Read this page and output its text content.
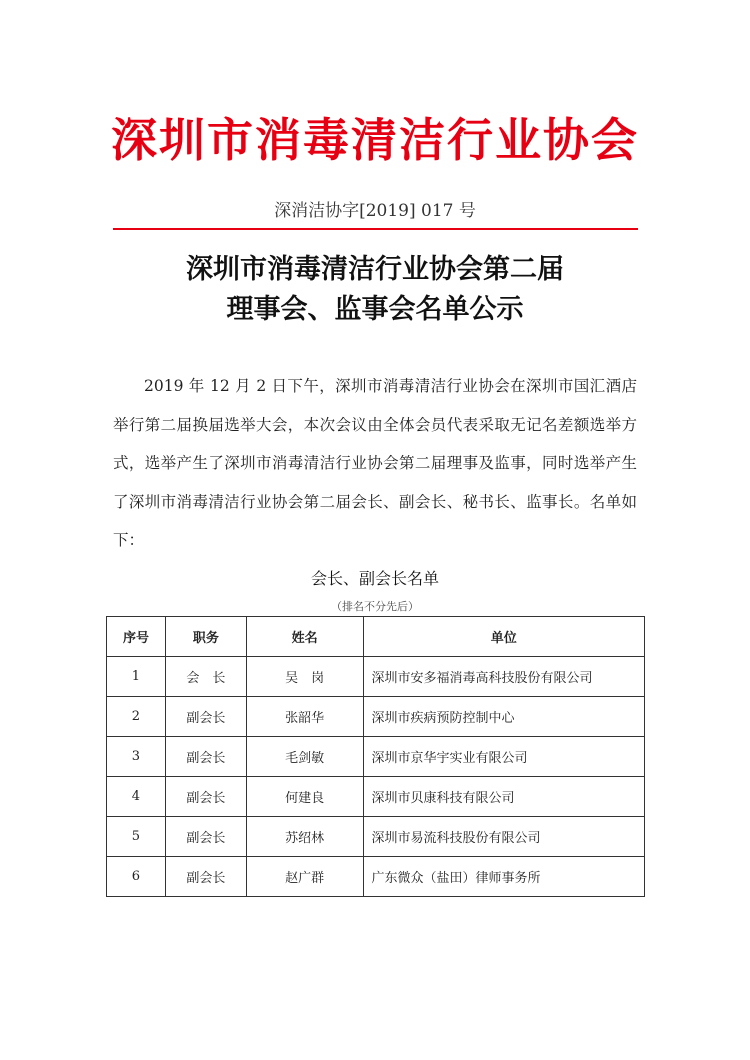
深圳市消毒清洁行业协会
深消洁协字[2019] 017 号
深圳市消毒清洁行业协会第二届
理事会、监事会名单公示
2019 年 12 月 2 日下午，深圳市消毒清洁行业协会在深圳市国汇酒店举行第二届换届选举大会，本次会议由全体会员代表采取无记名差额选举方式，选举产生了深圳市消毒清洁行业协会第二届理事及监事，同时选举产生了深圳市消毒清洁行业协会第二届会长、副会长、秘书长、监事长。名单如下：
会长、副会长名单
（排名不分先后）
序号	职务	姓名	单位
1	会　长	吴　岗	深圳市安多福消毒高科技股份有限公司
2	副会长	张韶华	深圳市疾病预防控制中心
3	副会长	毛剑敏	深圳市京华宇实业有限公司
4	副会长	何建良	深圳市贝康科技有限公司
5	副会长	苏绍林	深圳市易流科技股份有限公司
6	副会长	赵广群	广东微众（盐田）律师事务所
